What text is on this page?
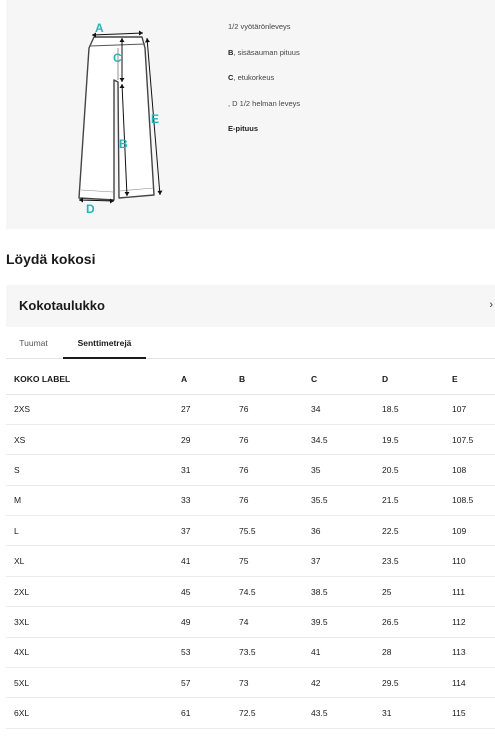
A
B
C
D
E
1/2 vyötärönleveys
B, sisäsauman pituus
C, etukorkeus
, D 1/2 helman leveys
E-pituus
Löydä kokosi
Kokotaulukko	›
Tuumat	Senttimetrejä
KOKO LABEL	A	B	C	D	E
2XS	27	76	34	18.5	107
XS	29	76	34.5	19.5	107.5
S	31	76	35	20.5	108
M	33	76	35.5	21.5	108.5
L	37	75.5	36	22.5	109
XL	41	75	37	23.5	110
2XL	45	74.5	38.5	25	111
3XL	49	74	39.5	26.5	112
4XL	53	73.5	41	28	113
5XL	57	73	42	29.5	114
6XL	61	72.5	43.5	31	115
